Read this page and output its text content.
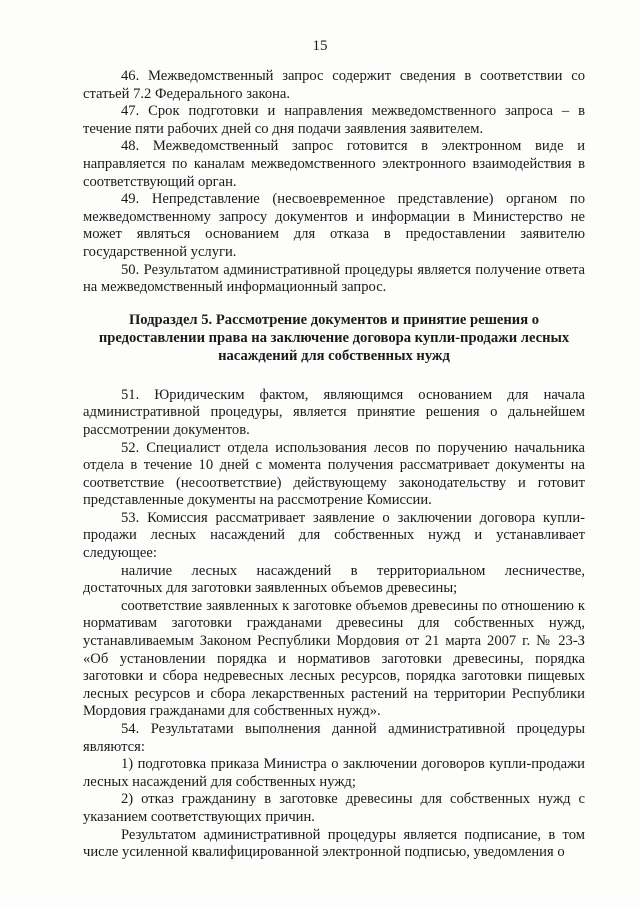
15

46. Межведомственный запрос содержит сведения в соответствии со статьей 7.2 Федерального закона.

47. Срок подготовки и направления межведомственного запроса – в течение пяти рабочих дней со дня подачи заявления заявителем.

48. Межведомственный запрос готовится в электронном виде и направляется по каналам межведомственного электронного взаимодействия в соответствующий орган.

49. Непредставление (несвоевременное представление) органом по межведомственному запросу документов и информации в Министерство не может являться основанием для отказа в предоставлении заявителю государственной услуги.

50. Результатом административной процедуры является получение ответа на межведомственный информационный запрос.

Подраздел 5. Рассмотрение документов и принятие решения о предоставлении права на заключение договора купли-продажи лесных насаждений для собственных нужд

51. Юридическим фактом, являющимся основанием для начала административной процедуры, является принятие решения о дальнейшем рассмотрении документов.

52. Специалист отдела использования лесов по поручению начальника отдела в течение 10 дней с момента получения рассматривает документы на соответствие (несоответствие) действующему законодательству и готовит представленные документы на рассмотрение Комиссии.

53. Комиссия рассматривает заявление о заключении договора купли-продажи лесных насаждений для собственных нужд и устанавливает следующее:

наличие лесных насаждений в территориальном лесничестве, достаточных для заготовки заявленных объемов древесины;

соответствие заявленных к заготовке объемов древесины по отношению к нормативам заготовки гражданами древесины для собственных нужд, устанавливаемым Законом Республики Мордовия от 21 марта 2007 г. № 23-З «Об установлении порядка и нормативов заготовки древесины, порядка заготовки и сбора недревесных лесных ресурсов, порядка заготовки пищевых лесных ресурсов и сбора лекарственных растений на территории Республики Мордовия гражданами для собственных нужд».

54. Результатами выполнения данной административной процедуры являются:

1) подготовка приказа Министра о заключении договоров купли-продажи лесных насаждений для собственных нужд;

2) отказ гражданину в заготовке древесины для собственных нужд с указанием соответствующих причин.

Результатом административной процедуры является подписание, в том числе усиленной квалифицированной электронной подписью, уведомления о
